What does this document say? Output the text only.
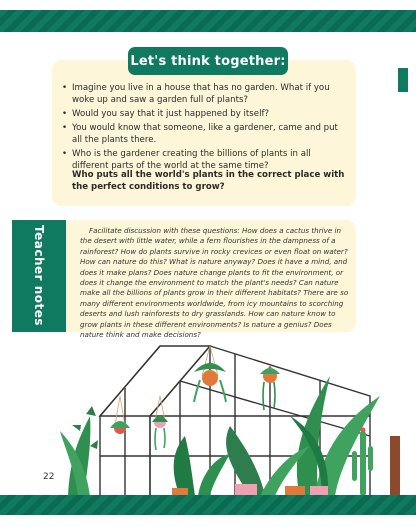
Let's think together:
• Imagine you live in a house that has no garden. What if you woke up and saw a garden full of plants?
• Would you say that it just happened by itself?
• You would know that someone, like a gardener, came and put all the plants there.
• Who is the gardener creating the billions of plants in all different parts of the world at the same time?
Who puts all the world's plants in the correct place with the perfect conditions to grow?
Teacher notes	Facilitate discussion with these questions: How does a cactus thrive in the desert with little water, while a fern flourishes in the dampness of a rainforest? How do plants survive in rocky crevices or even float on water? How can nature do this? What is nature anyway? Does it have a mind, and does it make plans? Does nature change plants to fit the environment, or does it change the environment to match the plant's needs? Can nature make all the billions of plants grow in their different habitats? There are so many different environments worldwide, from icy mountains to scorching deserts and lush rainforests to dry grasslands. How can nature know to grow plants in these different environments? Is nature a genius? Does nature think and make decisions?

22
